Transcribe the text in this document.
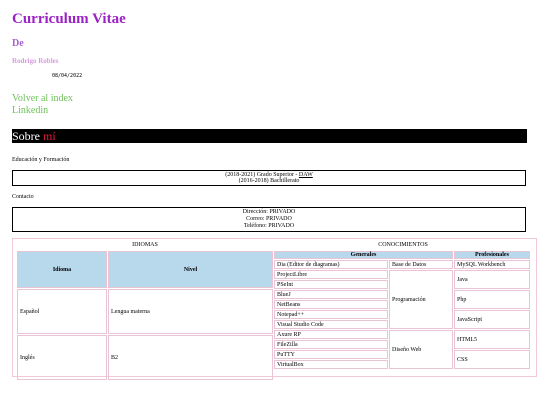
Curriculum Vitae
De
Rodrigo Robles
08/04/2022
Volver al index
Linkedin
Sobre mí
Educación y Formación
(2018-2021) Grado Superior - DAW
(2016-2018) Bachillerato
Contacto
Dirección: PRIVADO
Correo: PRIVADO
Teléfono: PRIVADO
IDIOMAS	CONOCIMIENTOS
Idioma	Nivel
Español	Lengua materna
Inglés	B2
Generales		Profesionales
Dia (Editor de diagramas)	Base de Datos	MySQL Workbench
ProjectLibre	Programación	Java
PSeInt		
BlueJ		Php
NetBeans		
Notepad++		JavaScript
Visual Studio Code		
Axure RP	Diseño Web	HTML5
FileZilla		
PuTTY		CSS
VirtualBox		
